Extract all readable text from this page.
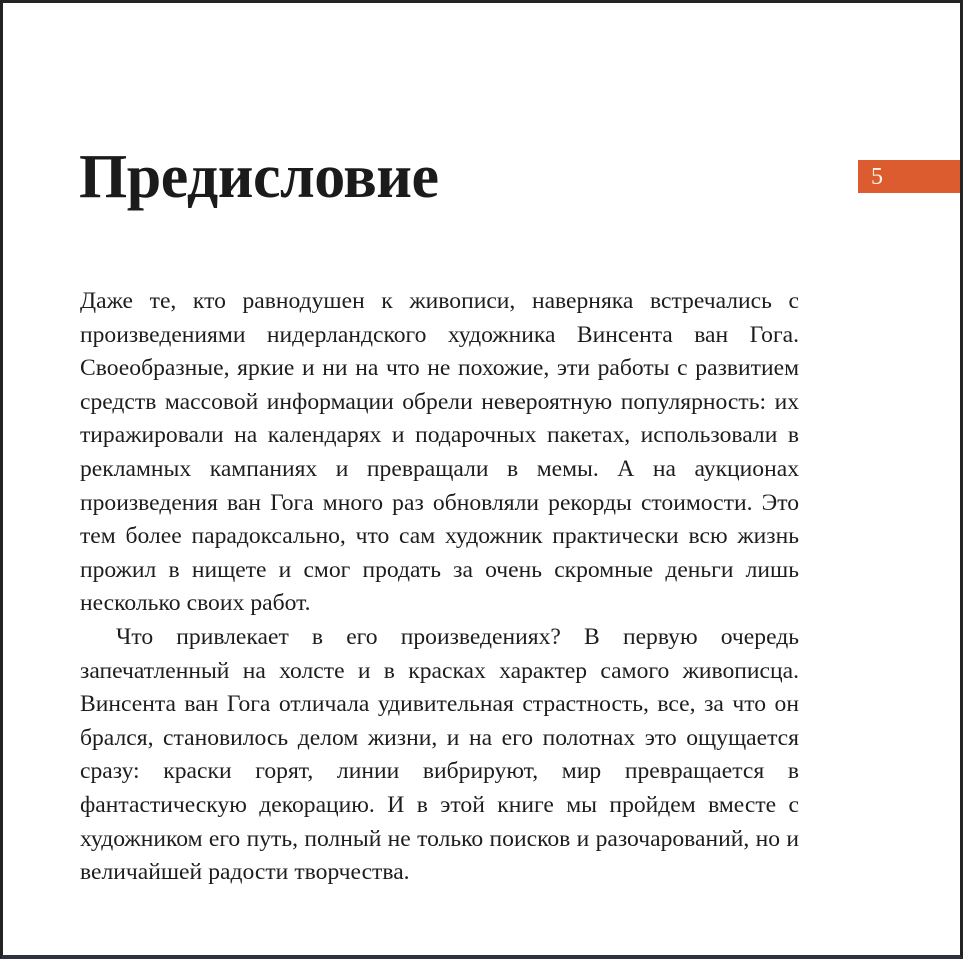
5
Предисловие

Даже те, кто равнодушен к живописи, наверняка встречались с произведениями нидерландского художника Винсента ван Гога. Своеобразные, яркие и ни на что не похожие, эти работы с развитием средств массовой информации обрели невероятную популярность: их тиражировали на календарях и подарочных пакетах, использовали в рекламных кампаниях и превращали в мемы. А на аукционах произведения ван Гога много раз обновляли рекорды стоимости. Это тем более парадоксально, что сам художник практически всю жизнь прожил в нищете и смог продать за очень скромные деньги лишь несколько своих работ.

Что привлекает в его произведениях? В первую очередь запечатленный на холсте и в красках характер самого живописца. Винсента ван Гога отличала удивительная страстность, все, за что он брался, становилось делом жизни, и на его полотнах это ощущается сразу: краски горят, линии вибрируют, мир превращается в фантастическую декорацию. И в этой книге мы пройдем вместе с художником его путь, полный не только поисков и разочарований, но и величайшей радости творчества.
